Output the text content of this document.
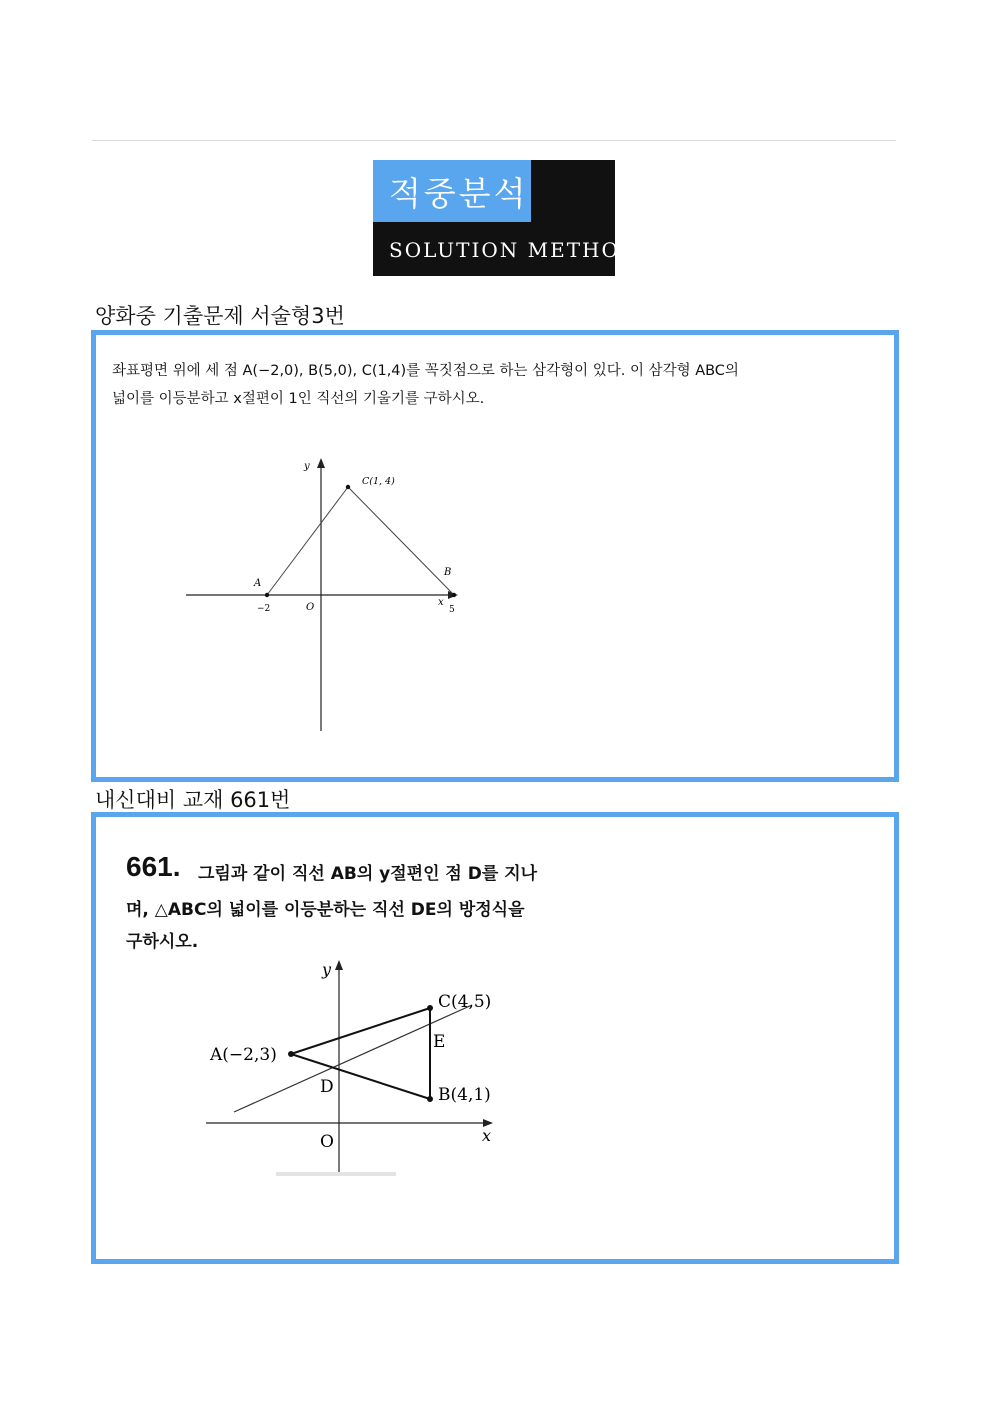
적중분석
SOLUTION METHOD
양화중 기출문제 서술형3번
좌표평면 위에 세 점 A(−2,0), B(5,0), C(1,4)를 꼭짓점으로 하는 삼각형이 있다. 이 삼각형 ABC의
넓이를 이등분하고 x절편이 1인 직선의 기울기를 구하시오.
A
B
C(1, 4)
O	x
y
−2	5
내신대비 교재 661번
661. 그림과 같이 직선 AB의 y절편인 점 D를 지나
며, △ABC의 넓이를 이등분하는 직선 DE의 방정식을
구하시오.
A(−2,3)
C(4,5)
B(4,1)
D
E
O	x
y
